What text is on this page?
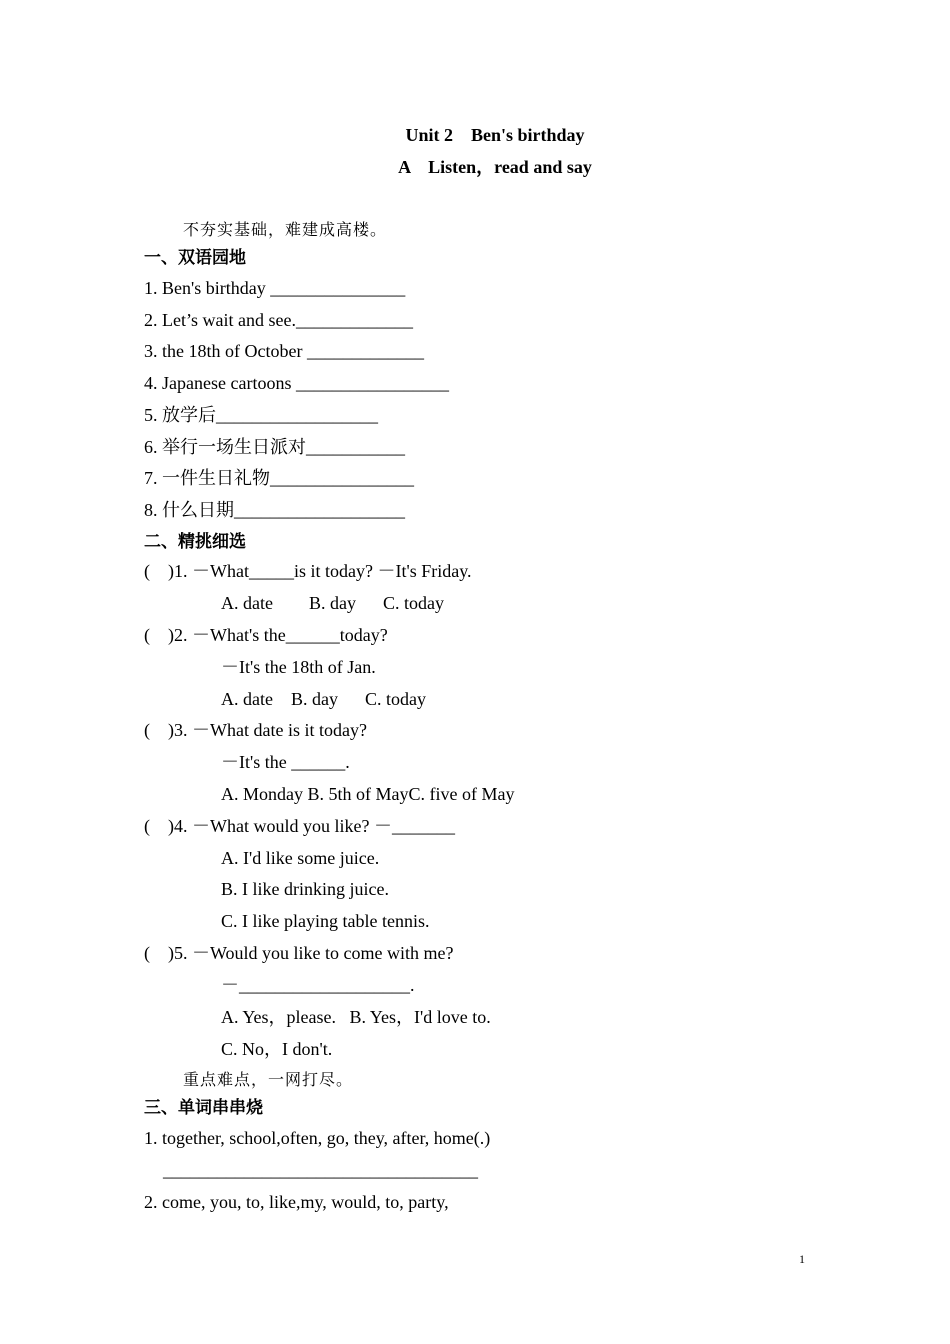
Unit 2　Ben's birthday
A　Listen，read and say
不夯实基础，难建成高楼。
一、双语园地
1. Ben's birthday _______________
2. Let’s wait and see._____________
3. the 18th of October _____________
4. Japanese cartoons _________________
5. 放学后__________________
6. 举行一场生日派对___________
7. 一件生日礼物________________
8. 什么日期___________________
二、精挑细选
(　)1. －What_____is it today? －It's Friday.
A. date        B. day      C. today
(　)2. －What's the______today?
－It's the 18th of Jan.
A. date    B. day      C. today
(　)3. －What date is it today?
－It's the ______.
A. Monday B. 5th of MayC. five of May
(　)4. －What would you like? －_______
A. I'd like some juice.
B. I like drinking juice.
C. I like playing table tennis.
(　)5. －Would you like to come with me?
－___________________.
A. Yes，please.   B. Yes，I'd love to.
C. No，I don't.
重点难点，一网打尽。
三、单词串串烧
1. together, school,often, go, they, after, home(.)
___________________________________
2. come, you, to, like,my, would, to, party,
1
